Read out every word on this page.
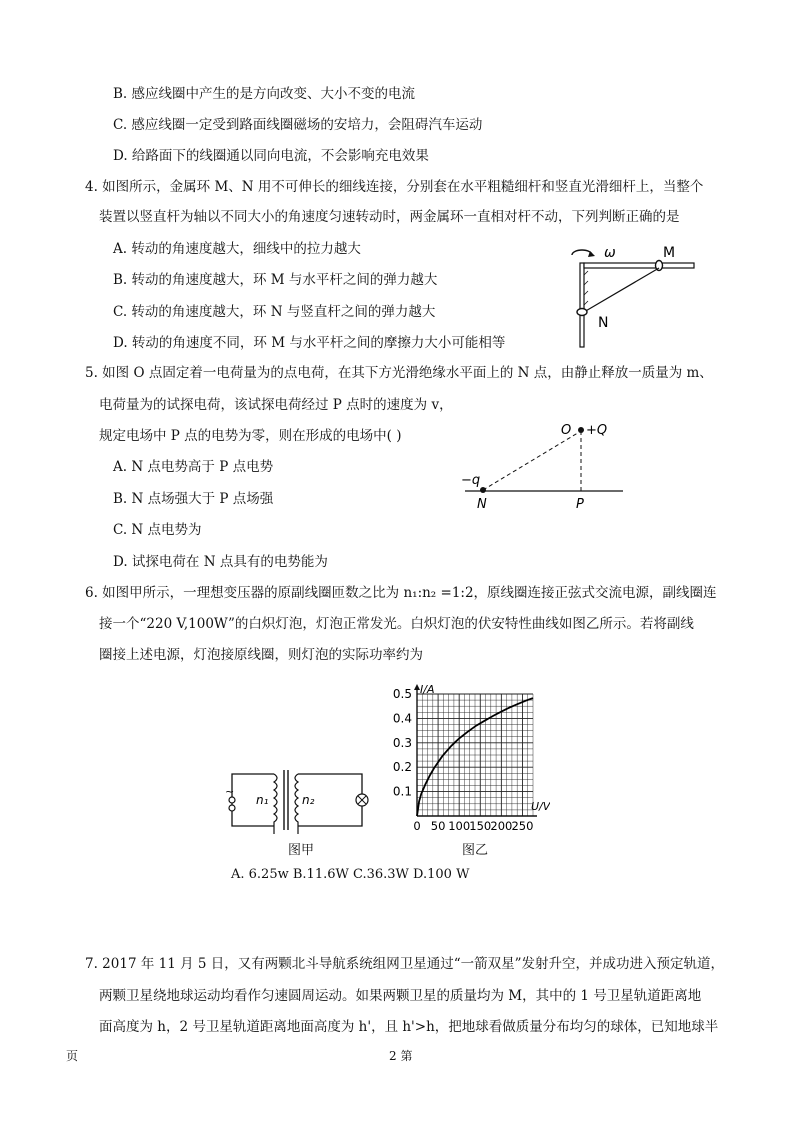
B. 感应线圈中产生的是方向改变、大小不变的电流
C. 感应线圈一定受到路面线圈磁场的安培力，会阻碍汽车运动
D. 给路面下的线圈通以同向电流，不会影响充电效果
4. 如图所示，金属环 M、N 用不可伸长的细线连接，分别套在水平粗糙细杆和竖直光滑细杆上，当整个
装置以竖直杆为轴以不同大小的角速度匀速转动时，两金属环一直相对杆不动，下列判断正确的是
A. 转动的角速度越大，细线中的拉力越大
B. 转动的角速度越大，环 M 与水平杆之间的弹力越大
C. 转动的角速度越大，环 N 与竖直杆之间的弹力越大
D. 转动的角速度不同，环 M 与水平杆之间的摩擦力大小可能相等
ω	M
N
5. 如图 O 点固定着一电荷量为的点电荷，在其下方光滑绝缘水平面上的 N 点，由静止释放一质量为 m、
电荷量为的试探电荷，该试探电荷经过 P 点时的速度为 v，
规定电场中 P 点的电势为零，则在形成的电场中( )
A. N 点电势高于 P 点电势
B. N 点场强大于 P 点场强
C. N 点电势为
D. 试探电荷在 N 点具有的电势能为
O +Q
−q
N	P
6. 如图甲所示，一理想变压器的原副线圈匝数之比为 n₁:n₂ =1:2，原线圈连接正弦式交流电源，副线圈连
接一个“220 V,100W”的白炽灯泡，灯泡正常发光。白炽灯泡的伏安特性曲线如图乙所示。若将副线
圈接上述电源，灯泡接原线圈，则灯泡的实际功率约为
~
n₁	n₂
图甲
0.1
0.2
0.3
0.4
0.5
0 50 100 150 200 250
I/A
U/V
图乙
A. 6.25w B.11.6W C.36.3W D.100 W
7. 2017 年 11 月 5 日，又有两颗北斗导航系统组网卫星通过“一箭双星”发射升空，并成功进入预定轨道，
两颗卫星绕地球运动均看作匀速圆周运动。如果两颗卫星的质量均为 M，其中的 1 号卫星轨道距离地
面高度为 h，2 号卫星轨道距离地面高度为 h'，且 h'>h，把地球看做质量分布均匀的球体，已知地球半
页	2 第
